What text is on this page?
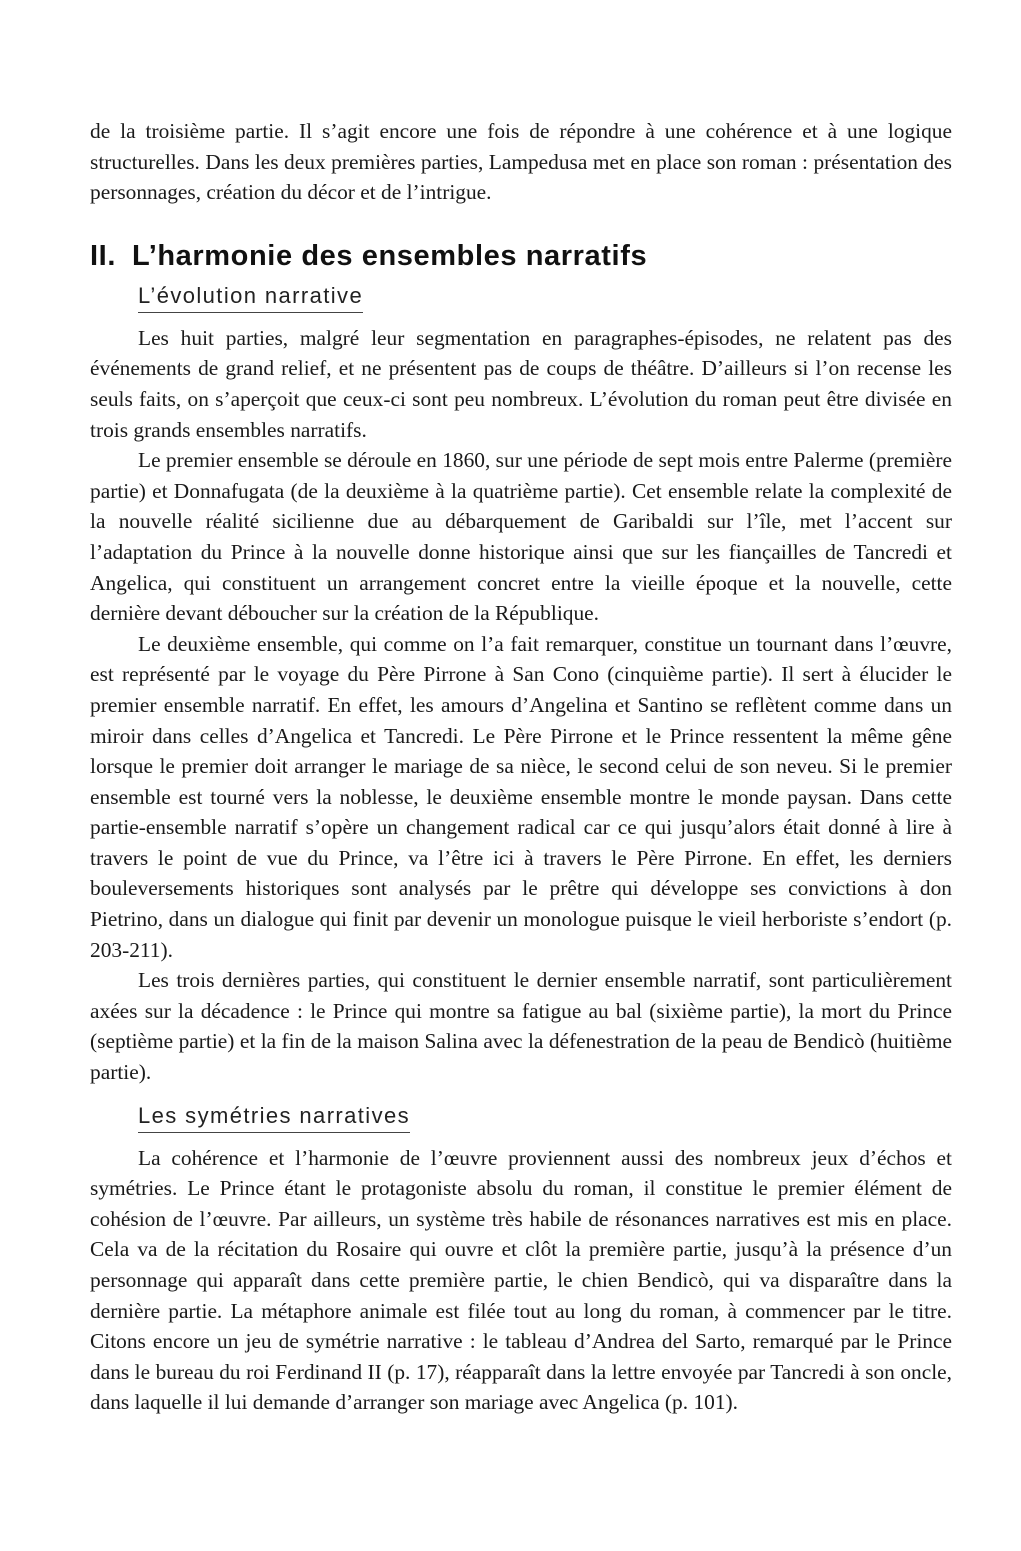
de la troisième partie. Il s’agit encore une fois de répondre à une cohérence et à une logique structurelles. Dans les deux premières parties, Lampedusa met en place son roman : présentation des personnages, création du décor et de l’intrigue.

II. L’harmonie des ensembles narratifs
L’évolution narrative

Les huit parties, malgré leur segmentation en paragraphes-épisodes, ne relatent pas des événements de grand relief, et ne présentent pas de coups de théâtre. D’ailleurs si l’on recense les seuls faits, on s’aperçoit que ceux-ci sont peu nombreux. L’évolution du roman peut être divisée en trois grands ensembles narratifs.

Le premier ensemble se déroule en 1860, sur une période de sept mois entre Palerme (première partie) et Donnafugata (de la deuxième à la quatrième partie). Cet ensemble relate la complexité de la nouvelle réalité sicilienne due au débarquement de Garibaldi sur l’île, met l’accent sur l’adaptation du Prince à la nouvelle donne historique ainsi que sur les fiançailles de Tancredi et Angelica, qui constituent un arrangement concret entre la vieille époque et la nouvelle, cette dernière devant déboucher sur la création de la République.

Le deuxième ensemble, qui comme on l’a fait remarquer, constitue un tournant dans l’œuvre, est représenté par le voyage du Père Pirrone à San Cono (cinquième partie). Il sert à élucider le premier ensemble narratif. En effet, les amours d’Angelina et Santino se reflètent comme dans un miroir dans celles d’Angelica et Tancredi. Le Père Pirrone et le Prince ressentent la même gêne lorsque le premier doit arranger le mariage de sa nièce, le second celui de son neveu. Si le premier ensemble est tourné vers la noblesse, le deuxième ensemble montre le monde paysan. Dans cette partie-ensemble narratif s’opère un changement radical car ce qui jusqu’alors était donné à lire à travers le point de vue du Prince, va l’être ici à travers le Père Pirrone. En effet, les derniers bouleversements historiques sont analysés par le prêtre qui développe ses convictions à don Pietrino, dans un dialogue qui finit par devenir un monologue puisque le vieil herboriste s’endort (p. 203-211).

Les trois dernières parties, qui constituent le dernier ensemble narratif, sont particulièrement axées sur la décadence : le Prince qui montre sa fatigue au bal (sixième partie), la mort du Prince (septième partie) et la fin de la maison Salina avec la défenestration de la peau de Bendicò (huitième partie).

Les symétries narratives

La cohérence et l’harmonie de l’œuvre proviennent aussi des nombreux jeux d’échos et symétries. Le Prince étant le protagoniste absolu du roman, il constitue le premier élément de cohésion de l’œuvre. Par ailleurs, un système très habile de résonances narratives est mis en place. Cela va de la récitation du Rosaire qui ouvre et clôt la première partie, jusqu’à la présence d’un personnage qui apparaît dans cette première partie, le chien Bendicò, qui va disparaître dans la dernière partie. La métaphore animale est filée tout au long du roman, à commencer par le titre. Citons encore un jeu de symétrie narrative : le tableau d’Andrea del Sarto, remarqué par le Prince dans le bureau du roi Ferdinand II (p. 17), réapparaît dans la lettre envoyée par Tancredi à son oncle, dans laquelle il lui demande d’arranger son mariage avec Angelica (p. 101).
